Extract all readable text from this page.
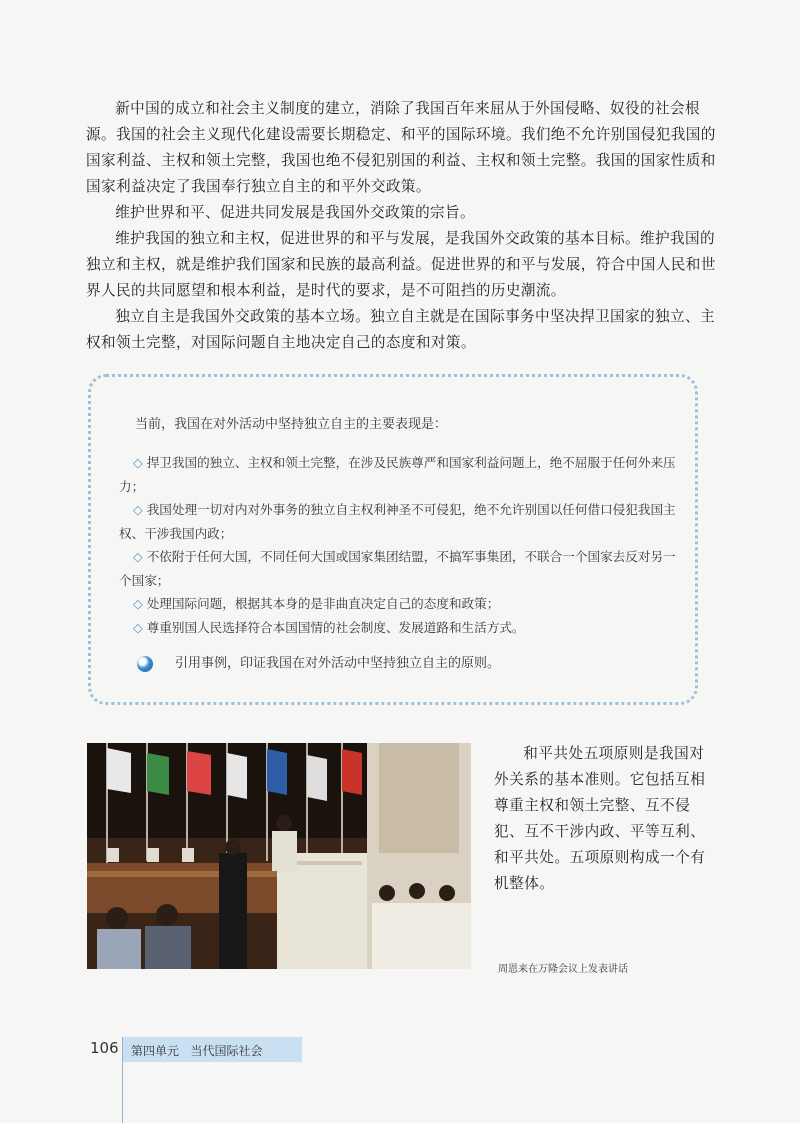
新中国的成立和社会主义制度的建立，消除了我国百年来屈从于外国侵略、奴役的社会根源。我国的社会主义现代化建设需要长期稳定、和平的国际环境。我们绝不允许别国侵犯我国的国家利益、主权和领土完整，我国也绝不侵犯别国的利益、主权和领土完整。我国的国家性质和国家利益决定了我国奉行独立自主的和平外交政策。

维护世界和平、促进共同发展是我国外交政策的宗旨。

维护我国的独立和主权，促进世界的和平与发展，是我国外交政策的基本目标。维护我国的独立和主权，就是维护我们国家和民族的最高利益。促进世界的和平与发展，符合中国人民和世界人民的共同愿望和根本利益，是时代的要求，是不可阻挡的历史潮流。

独立自主是我国外交政策的基本立场。独立自主就是在国际事务中坚决捍卫国家的独立、主权和领土完整，对国际问题自主地决定自己的态度和对策。

当前，我国在对外活动中坚持独立自主的主要表现是：

◇ 捍卫我国的独立、主权和领土完整，在涉及民族尊严和国家利益问题上，绝不屈服于任何外来压力；

◇ 我国处理一切对内对外事务的独立自主权利神圣不可侵犯，绝不允许别国以任何借口侵犯我国主权、干涉我国内政；

◇ 不依附于任何大国，不同任何大国或国家集团结盟，不搞军事集团，不联合一个国家去反对另一个国家；

◇ 处理国际问题，根据其本身的是非曲直决定自己的态度和政策；

◇ 尊重别国人民选择符合本国国情的社会制度、发展道路和生活方式。

引用事例，印证我国在对外活动中坚持独立自主的原则。

和平共处五项原则是我国对外关系的基本准则。它包括互相尊重主权和领土完整、互不侵犯、互不干涉内政、平等互利、和平共处。五项原则构成一个有机整体。

周恩来在万隆会议上发表讲话
106 第四单元   当代国际社会
